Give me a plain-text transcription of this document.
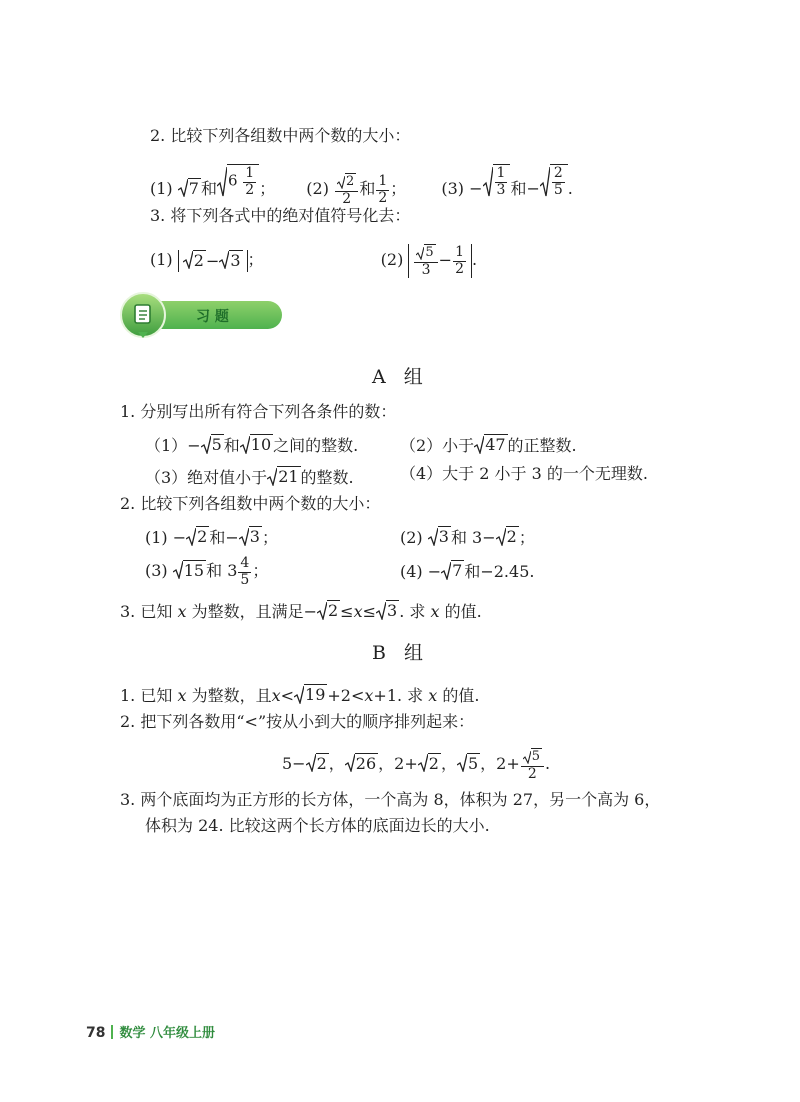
2. 比较下列各组数中两个数的大小：
(1) 7 和 $6 \frac{1}{2}$ ； $(2) \frac{2}{2}$ 和 $\frac{1}{2}$ ； $(3) - \frac{1}{3}$ 和− $\frac{2}{5}$ .
3. 将下列各式中的绝对值符号化去：
(1) 2 − 3 ；	$(2) \frac{5}{3} - \frac{1}{2}$ .
习 题
A 组
1. 分别写出所有符合下列各条件的数：
（1）− 5 和 10 之间的整数.	（2）小于 47 的正整数.
（3）绝对值小于 21 的整数.	（4）大于 2 小于 3 的一个无理数.
2. 比较下列各组数中两个数的大小：
(1) − 2 和− 3 ；	(2) 3 和 3− 2 ；
(3) 15 和 $3 \frac{4}{5}$ ；	(4) − 7 和−2.45.
3. 已知 x 为整数，且满足− 2 ≤x≤ 3 . 求 x 的值.
B 组
1. 已知 x 为整数，且x< 19 +2<x+1. 求 x 的值.
2. 把下列各数用“<”按从小到大的顺序排列起来：
5− 2 ， 26 ，2+ 2 ， 5 ，$2+ \frac{5}{2}$ .
3. 两个底面均为正方形的长方体，一个高为 8，体积为 27，另一个高为 6，
体积为 24. 比较这两个长方体的底面边长的大小.
78 数学 八年级上册
